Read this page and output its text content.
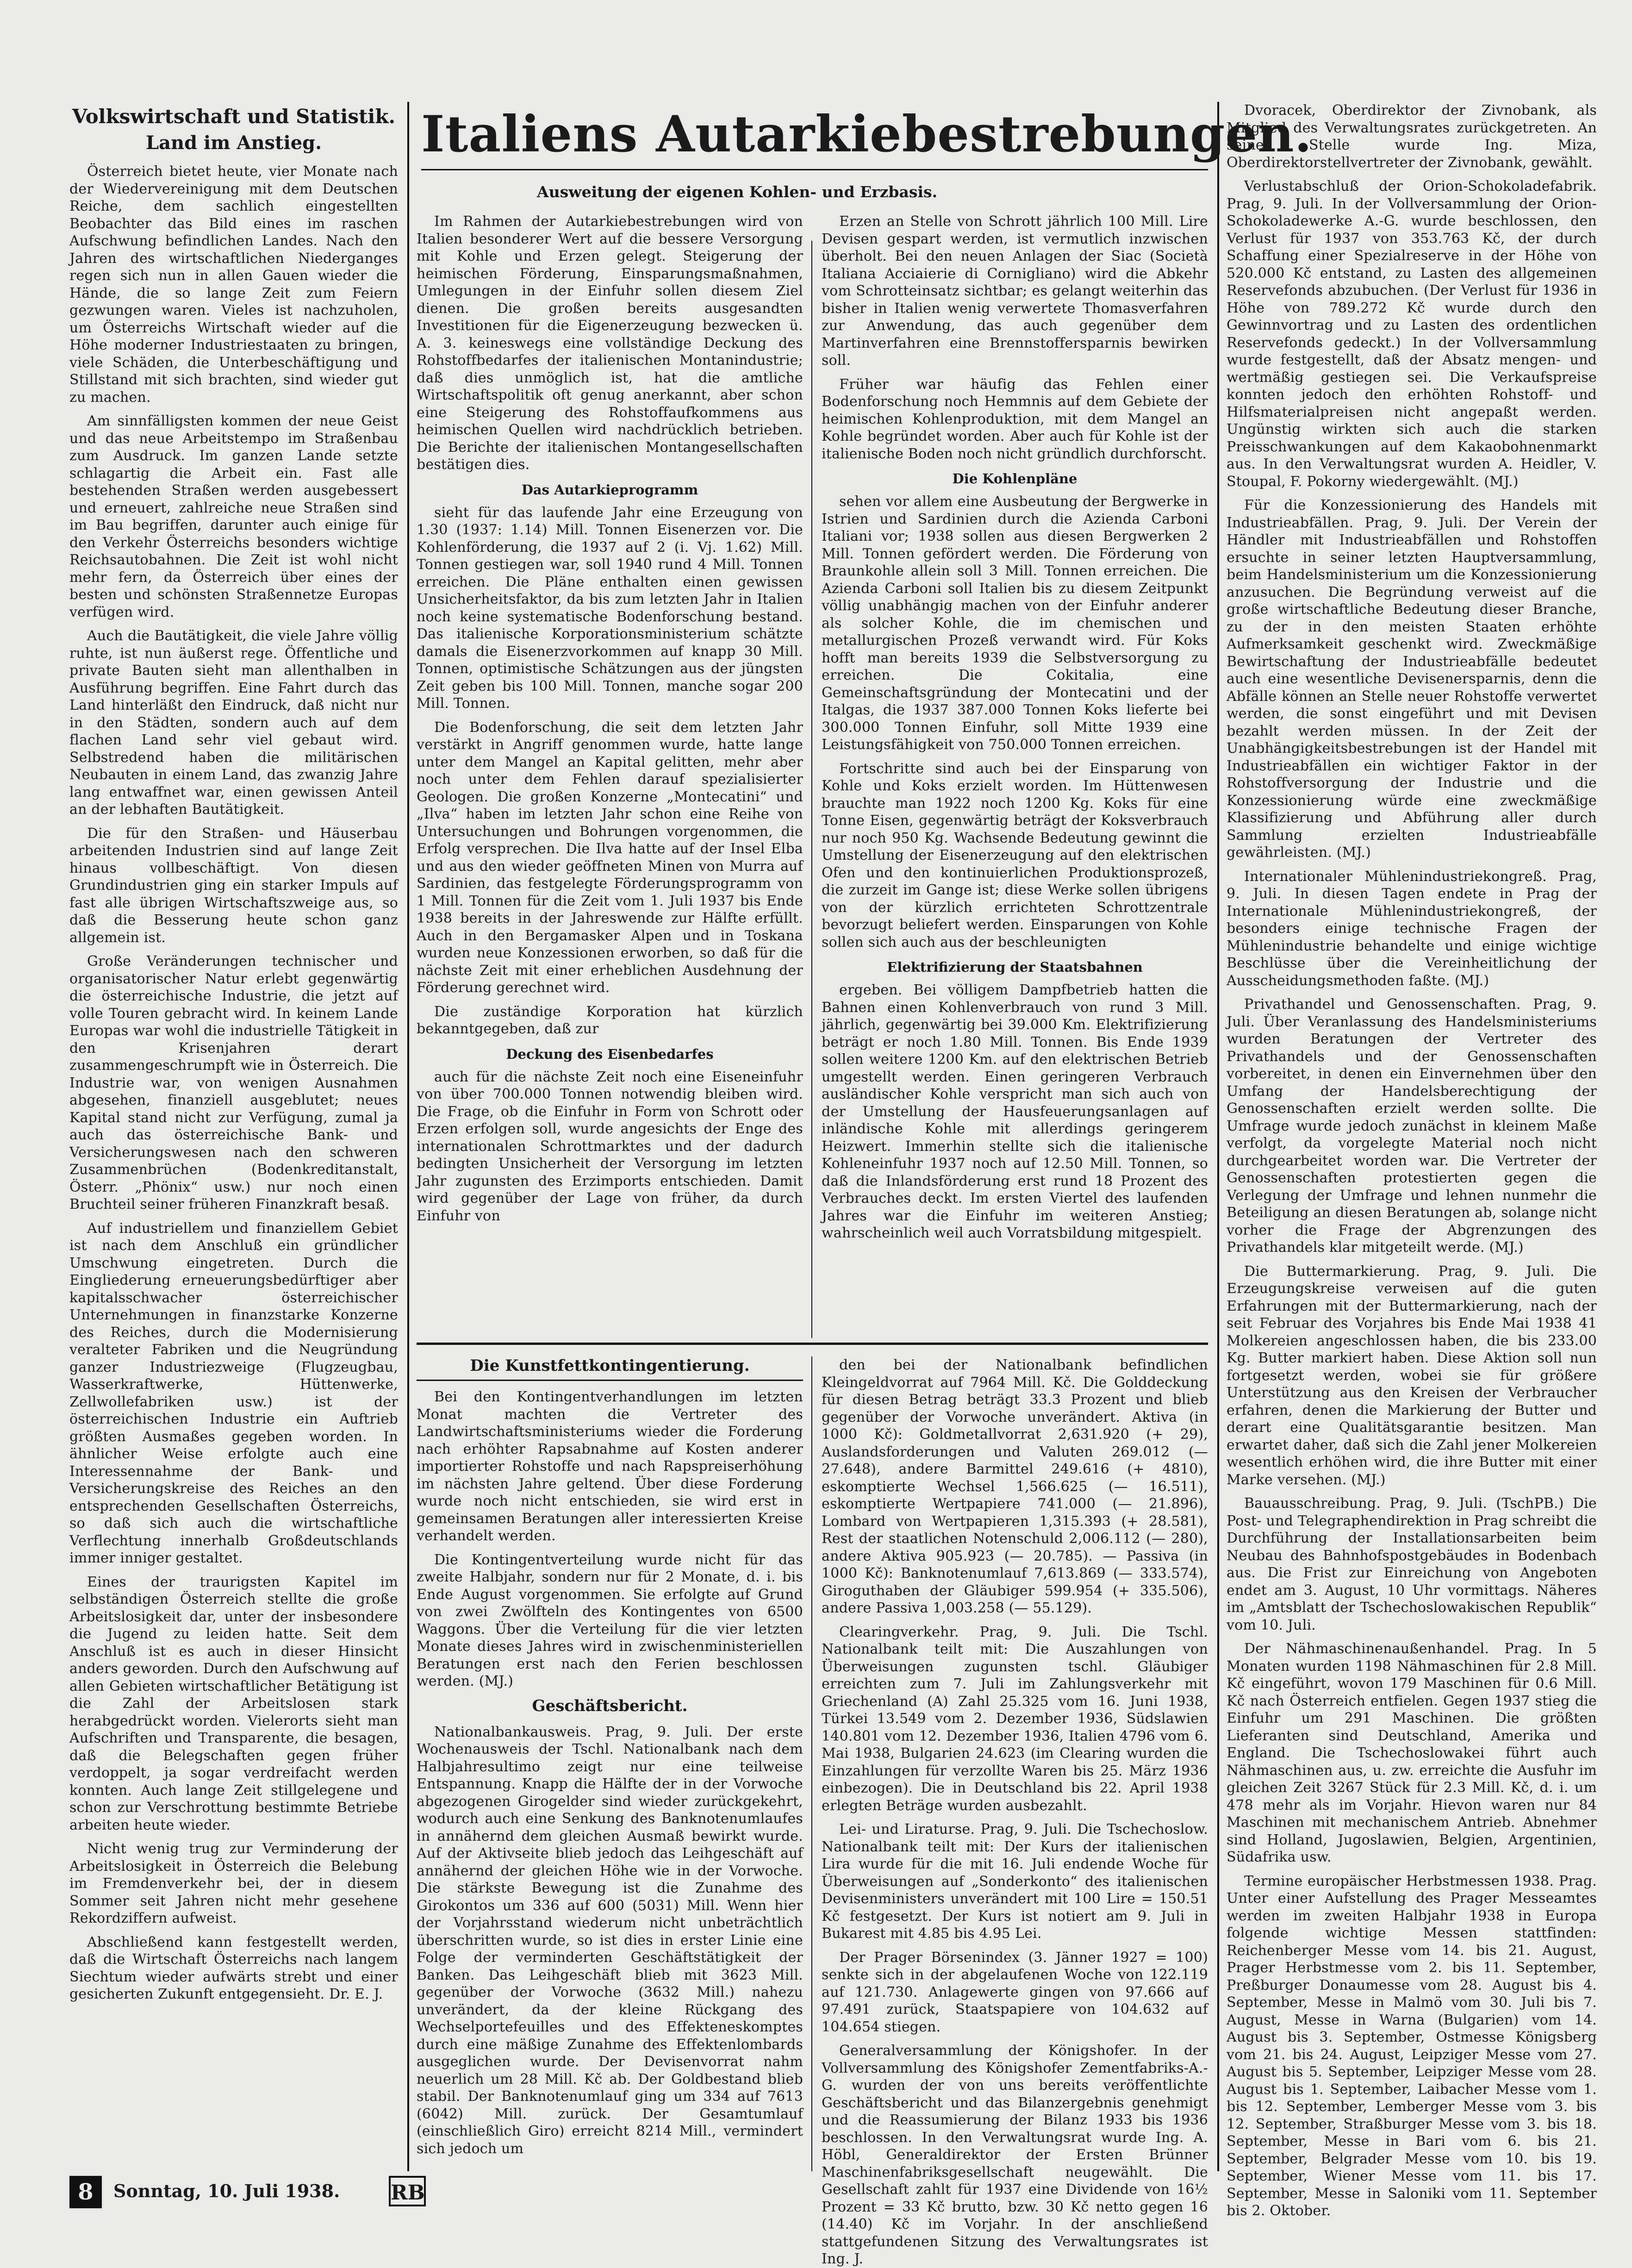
Volkswirtschaft und Statistik.
Land im Anstieg.

Österreich bietet heute, vier Monate nach der Wiedervereinigung mit dem Deutschen Reiche, dem sachlich eingestellten Beobachter das Bild eines im raschen Aufschwung befindlichen Landes. Nach den Jahren des wirtschaftlichen Niederganges regen sich nun in allen Gauen wieder die Hände, die so lange Zeit zum Feiern gezwungen waren. Vieles ist nachzuholen, um Österreichs Wirtschaft wieder auf die Höhe moderner Industriestaaten zu bringen, viele Schäden, die Unterbeschäftigung und Stillstand mit sich brachten, sind wieder gut zu machen.

Am sinnfälligsten kommen der neue Geist und das neue Arbeitstempo im Straßenbau zum Ausdruck. Im ganzen Lande setzte schlagartig die Arbeit ein. Fast alle bestehenden Straßen werden ausgebessert und erneuert, zahlreiche neue Straßen sind im Bau begriffen, darunter auch einige für den Verkehr Österreichs besonders wichtige Reichsautobahnen. Die Zeit ist wohl nicht mehr fern, da Österreich über eines der besten und schönsten Straßennetze Europas verfügen wird.

Auch die Bautätigkeit, die viele Jahre völlig ruhte, ist nun äußerst rege. Öffentliche und private Bauten sieht man allenthalben in Ausführung begriffen. Eine Fahrt durch das Land hinterläßt den Eindruck, daß nicht nur in den Städten, sondern auch auf dem flachen Land sehr viel gebaut wird. Selbstredend haben die militärischen Neubauten in einem Land, das zwanzig Jahre lang entwaffnet war, einen gewissen Anteil an der lebhaften Bautätigkeit.

Die für den Straßen- und Häuserbau arbeitenden Industrien sind auf lange Zeit hinaus vollbeschäftigt. Von diesen Grundindustrien ging ein starker Impuls auf fast alle übrigen Wirtschaftszweige aus, so daß die Besserung heute schon ganz allgemein ist.

Große Veränderungen technischer und organisatorischer Natur erlebt gegenwärtig die österreichische Industrie, die jetzt auf volle Touren gebracht wird. In keinem Lande Europas war wohl die industrielle Tätigkeit in den Krisenjahren derart zusammengeschrumpft wie in Österreich. Die Industrie war, von wenigen Ausnahmen abgesehen, finanziell ausgeblutet; neues Kapital stand nicht zur Verfügung, zumal ja auch das österreichische Bank- und Versicherungswesen nach den schweren Zusammenbrüchen (Bodenkreditanstalt, Österr. „Phönix“ usw.) nur noch einen Bruchteil seiner früheren Finanzkraft besaß.

Auf industriellem und finanziellem Gebiet ist nach dem Anschluß ein gründlicher Umschwung eingetreten. Durch die Eingliederung erneuerungsbedürftiger aber kapitalsschwacher österreichischer Unternehmungen in finanzstarke Konzerne des Reiches, durch die Modernisierung veralteter Fabriken und die Neugründung ganzer Industriezweige (Flugzeugbau, Wasserkraftwerke, Hüttenwerke, Zellwollefabriken usw.) ist der österreichischen Industrie ein Auftrieb größten Ausmaßes gegeben worden. In ähnlicher Weise erfolgte auch eine Interessennahme der Bank- und Versicherungskreise des Reiches an den entsprechenden Gesellschaften Österreichs, so daß sich auch die wirtschaftliche Verflechtung innerhalb Großdeutschlands immer inniger gestaltet.

Eines der traurigsten Kapitel im selbständigen Österreich stellte die große Arbeitslosigkeit dar, unter der insbesondere die Jugend zu leiden hatte. Seit dem Anschluß ist es auch in dieser Hinsicht anders geworden. Durch den Aufschwung auf allen Gebieten wirtschaftlicher Betätigung ist die Zahl der Arbeitslosen stark herabgedrückt worden. Vielerorts sieht man Aufschriften und Transparente, die besagen, daß die Belegschaften gegen früher verdoppelt, ja sogar verdreifacht werden konnten. Auch lange Zeit stillgelegene und schon zur Verschrottung bestimmte Betriebe arbeiten heute wieder.

Nicht wenig trug zur Verminderung der Arbeitslosigkeit in Österreich die Belebung im Fremdenverkehr bei, der in diesem Sommer seit Jahren nicht mehr gesehene Rekordziffern aufweist.

Abschließend kann festgestellt werden, daß die Wirtschaft Österreichs nach langem Siechtum wieder aufwärts strebt und einer gesicherten Zukunft entgegensieht. Dr. E. J.

Italiens Autarkiebestrebungen.
Ausweitung der eigenen Kohlen- und Erzbasis.

Im Rahmen der Autarkiebestrebungen wird von Italien besonderer Wert auf die bessere Versorgung mit Kohle und Erzen gelegt. Steigerung der heimischen Förderung, Einsparungsmaßnahmen, Umlegungen in der Einfuhr sollen diesem Ziel dienen. Die großen bereits ausgesandten Investitionen für die Eigenerzeugung bezwecken ü. A. 3. keineswegs eine vollständige Deckung des Rohstoffbedarfes der italienischen Montanindustrie; daß dies unmöglich ist, hat die amtliche Wirtschaftspolitik oft genug anerkannt, aber schon eine Steigerung des Rohstoffaufkommens aus heimischen Quellen wird nachdrücklich betrieben. Die Berichte der italienischen Montangesellschaften bestätigen dies.

Das Autarkieprogramm

sieht für das laufende Jahr eine Erzeugung von 1.30 (1937: 1.14) Mill. Tonnen Eisenerzen vor. Die Kohlenförderung, die 1937 auf 2 (i. Vj. 1.62) Mill. Tonnen gestiegen war, soll 1940 rund 4 Mill. Tonnen erreichen. Die Pläne enthalten einen gewissen Unsicherheitsfaktor, da bis zum letzten Jahr in Italien noch keine systematische Bodenforschung bestand. Das italienische Korporationsministerium schätzte damals die Eisenerzvorkommen auf knapp 30 Mill. Tonnen, optimistische Schätzungen aus der jüngsten Zeit geben bis 100 Mill. Tonnen, manche sogar 200 Mill. Tonnen.

Die Bodenforschung, die seit dem letzten Jahr verstärkt in Angriff genommen wurde, hatte lange unter dem Mangel an Kapital gelitten, mehr aber noch unter dem Fehlen darauf spezialisierter Geologen. Die großen Konzerne „Montecatini“ und „Ilva“ haben im letzten Jahr schon eine Reihe von Untersuchungen und Bohrungen vorgenommen, die Erfolg versprechen. Die Ilva hatte auf der Insel Elba und aus den wieder geöffneten Minen von Murra auf Sardinien, das festgelegte Förderungsprogramm von 1 Mill. Tonnen für die Zeit vom 1. Juli 1937 bis Ende 1938 bereits in der Jahreswende zur Hälfte erfüllt. Auch in den Bergamasker Alpen und in Toskana wurden neue Konzessionen erworben, so daß für die nächste Zeit mit einer erheblichen Ausdehnung der Förderung gerechnet wird.

Die zuständige Korporation hat kürzlich bekanntgegeben, daß zur

Deckung des Eisenbedarfes

auch für die nächste Zeit noch eine Eiseneinfuhr von über 700.000 Tonnen notwendig bleiben wird. Die Frage, ob die Einfuhr in Form von Schrott oder Erzen erfolgen soll, wurde angesichts der Enge des internationalen Schrottmarktes und der dadurch bedingten Unsicherheit der Versorgung im letzten Jahr zugunsten des Erzimports entschieden. Damit wird gegenüber der Lage von früher, da durch Einfuhr von

Erzen an Stelle von Schrott jährlich 100 Mill. Lire Devisen gespart werden, ist vermutlich inzwischen überholt. Bei den neuen Anlagen der Siac (Società Italiana Acciaierie di Cornigliano) wird die Abkehr vom Schrotteinsatz sichtbar; es gelangt weiterhin das bisher in Italien wenig verwertete Thomasverfahren zur Anwendung, das auch gegenüber dem Martinverfahren eine Brennstoffersparnis bewirken soll.

Früher war häufig das Fehlen einer Bodenforschung noch Hemmnis auf dem Gebiete der heimischen Kohlenproduktion, mit dem Mangel an Kohle begründet worden. Aber auch für Kohle ist der italienische Boden noch nicht gründlich durchforscht.

Die Kohlenpläne

sehen vor allem eine Ausbeutung der Bergwerke in Istrien und Sardinien durch die Azienda Carboni Italiani vor; 1938 sollen aus diesen Bergwerken 2 Mill. Tonnen gefördert werden. Die Förderung von Braunkohle allein soll 3 Mill. Tonnen erreichen. Die Azienda Carboni soll Italien bis zu diesem Zeitpunkt völlig unabhängig machen von der Einfuhr anderer als solcher Kohle, die im chemischen und metallurgischen Prozeß verwandt wird. Für Koks hofft man bereits 1939 die Selbstversorgung zu erreichen. Die Cokitalia, eine Gemeinschaftsgründung der Montecatini und der Italgas, die 1937 387.000 Tonnen Koks lieferte bei 300.000 Tonnen Einfuhr, soll Mitte 1939 eine Leistungsfähigkeit von 750.000 Tonnen erreichen.

Fortschritte sind auch bei der Einsparung von Kohle und Koks erzielt worden. Im Hüttenwesen brauchte man 1922 noch 1200 Kg. Koks für eine Tonne Eisen, gegenwärtig beträgt der Koksverbrauch nur noch 950 Kg. Wachsende Bedeutung gewinnt die Umstellung der Eisenerzeugung auf den elektrischen Ofen und den kontinuierlichen Produktionsprozeß, die zurzeit im Gange ist; diese Werke sollen übrigens von der kürzlich errichteten Schrottzentrale bevorzugt beliefert werden. Einsparungen von Kohle sollen sich auch aus der beschleunigten

Elektrifizierung der Staatsbahnen

ergeben. Bei völligem Dampfbetrieb hatten die Bahnen einen Kohlenverbrauch von rund 3 Mill. jährlich, gegenwärtig bei 39.000 Km. Elektrifizierung beträgt er noch 1.80 Mill. Tonnen. Bis Ende 1939 sollen weitere 1200 Km. auf den elektrischen Betrieb umgestellt werden. Einen geringeren Verbrauch ausländischer Kohle verspricht man sich auch von der Umstellung der Hausfeuerungsanlagen auf inländische Kohle mit allerdings geringerem Heizwert. Immerhin stellte sich die italienische Kohleneinfuhr 1937 noch auf 12.50 Mill. Tonnen, so daß die Inlandsförderung erst rund 18 Prozent des Verbrauches deckt. Im ersten Viertel des laufenden Jahres war die Einfuhr im weiteren Anstieg; wahrscheinlich weil auch Vorratsbildung mitgespielt.

Die Kunstfettkontingentierung.

Bei den Kontingentverhandlungen im letzten Monat machten die Vertreter des Landwirtschaftsministeriums wieder die Forderung nach erhöhter Rapsabnahme auf Kosten anderer importierter Rohstoffe und nach Rapspreiserhöhung im nächsten Jahre geltend. Über diese Forderung wurde noch nicht entschieden, sie wird erst in gemeinsamen Beratungen aller interessierten Kreise verhandelt werden.

Die Kontingentverteilung wurde nicht für das zweite Halbjahr, sondern nur für 2 Monate, d. i. bis Ende August vorgenommen. Sie erfolgte auf Grund von zwei Zwölfteln des Kontingentes von 6500 Waggons. Über die Verteilung für die vier letzten Monate dieses Jahres wird in zwischenministeriellen Beratungen erst nach den Ferien beschlossen werden. (MJ.)

Geschäftsbericht.

Nationalbankausweis. Prag, 9. Juli. Der erste Wochenausweis der Tschl. Nationalbank nach dem Halbjahresultimo zeigt nur eine teilweise Entspannung. Knapp die Hälfte der in der Vorwoche abgezogenen Girogelder sind wieder zurückgekehrt, wodurch auch eine Senkung des Banknotenumlaufes in annähernd dem gleichen Ausmaß bewirkt wurde. Auf der Aktivseite blieb jedoch das Leihgeschäft auf annähernd der gleichen Höhe wie in der Vorwoche. Die stärkste Bewegung ist die Zunahme des Girokontos um 336 auf 600 (5031) Mill. Wenn hier der Vorjahrsstand wiederum nicht unbeträchtlich überschritten wurde, so ist dies in erster Linie eine Folge der verminderten Geschäftstätigkeit der Banken. Das Leihgeschäft blieb mit 3623 Mill. gegenüber der Vorwoche (3632 Mill.) nahezu unverändert, da der kleine Rückgang des Wechselportefeuilles und des Effekteneskomptes durch eine mäßige Zunahme des Effektenlombards ausgeglichen wurde. Der Devisenvorrat nahm neuerlich um 28 Mill. Kč ab. Der Goldbestand blieb stabil. Der Banknotenumlauf ging um 334 auf 7613 (6042) Mill. zurück. Der Gesamtumlauf (einschließlich Giro) erreicht 8214 Mill., vermindert sich jedoch um

den bei der Nationalbank befindlichen Kleingeldvorrat auf 7964 Mill. Kč. Die Golddeckung für diesen Betrag beträgt 33.3 Prozent und blieb gegenüber der Vorwoche unverändert. Aktiva (in 1000 Kč): Goldmetallvorrat 2,631.920 (+ 29), Auslandsforderungen und Valuten 269.012 (— 27.648), andere Barmittel 249.616 (+ 4810), eskomptierte Wechsel 1,566.625 (— 16.511), eskomptierte Wertpapiere 741.000 (— 21.896), Lombard von Wertpapieren 1,315.393 (+ 28.581), Rest der staatlichen Notenschuld 2,006.112 (— 280), andere Aktiva 905.923 (— 20.785). — Passiva (in 1000 Kč): Banknotenumlauf 7,613.869 (— 333.574), Giroguthaben der Gläubiger 599.954 (+ 335.506), andere Passiva 1,003.258 (— 55.129).

Clearingverkehr. Prag, 9. Juli. Die Tschl. Nationalbank teilt mit: Die Auszahlungen von Überweisungen zugunsten tschl. Gläubiger erreichten zum 7. Juli im Zahlungsverkehr mit Griechenland (A) Zahl 25.325 vom 16. Juni 1938, Türkei 13.549 vom 2. Dezember 1936, Südslawien 140.801 vom 12. Dezember 1936, Italien 4796 vom 6. Mai 1938, Bulgarien 24.623 (im Clearing wurden die Einzahlungen für verzollte Waren bis 25. März 1936 einbezogen). Die in Deutschland bis 22. April 1938 erlegten Beträge wurden ausbezahlt.

Lei- und Liraturse. Prag, 9. Juli. Die Tschechoslow. Nationalbank teilt mit: Der Kurs der italienischen Lira wurde für die mit 16. Juli endende Woche für Überweisungen auf „Sonderkonto“ des italienischen Devisenministers unverändert mit 100 Lire = 150.51 Kč festgesetzt. Der Kurs ist notiert am 9. Juli in Bukarest mit 4.85 bis 4.95 Lei.

Der Prager Börsenindex (3. Jänner 1927 = 100) senkte sich in der abgelaufenen Woche von 122.119 auf 121.730. Anlagewerte gingen von 97.666 auf 97.491 zurück, Staatspapiere von 104.632 auf 104.654 stiegen.

Generalversammlung der Königshofer. In der Vollversammlung des Königshofer Zementfabriks-A.-G. wurden der von uns bereits veröffentlichte Geschäftsbericht und das Bilanzergebnis genehmigt und die Reassumierung der Bilanz 1933 bis 1936 beschlossen. In den Verwaltungsrat wurde Ing. A. Höbl, Generaldirektor der Ersten Brünner Maschinenfabriksgesellschaft neugewählt. Die Gesellschaft zahlt für 1937 eine Dividende von 16½ Prozent = 33 Kč brutto, bzw. 30 Kč netto gegen 16 (14.40) Kč im Vorjahr. In der anschließend stattgefundenen Sitzung des Verwaltungsrates ist Ing. J.

Dvoracek, Oberdirektor der Zivnobank, als Mitglied des Verwaltungsrates zurückgetreten. An seine Stelle wurde Ing. Miza, Oberdirektorstellvertreter der Zivnobank, gewählt.

Verlustabschluß der Orion-Schokoladefabrik. Prag, 9. Juli. In der Vollversammlung der Orion-Schokoladewerke A.-G. wurde beschlossen, den Verlust für 1937 von 353.763 Kč, der durch Schaffung einer Spezialreserve in der Höhe von 520.000 Kč entstand, zu Lasten des allgemeinen Reservefonds abzubuchen. (Der Verlust für 1936 in Höhe von 789.272 Kč wurde durch den Gewinnvortrag und zu Lasten des ordentlichen Reservefonds gedeckt.) In der Vollversammlung wurde festgestellt, daß der Absatz mengen- und wertmäßig gestiegen sei. Die Verkaufspreise konnten jedoch den erhöhten Rohstoff- und Hilfsmaterialpreisen nicht angepaßt werden. Ungünstig wirkten sich auch die starken Preisschwankungen auf dem Kakaobohnenmarkt aus. In den Verwaltungsrat wurden A. Heidler, V. Stoupal, F. Pokorny wiedergewählt. (MJ.)

Für die Konzessionierung des Handels mit Industrieabfällen. Prag, 9. Juli. Der Verein der Händler mit Industrieabfällen und Rohstoffen ersuchte in seiner letzten Hauptversammlung, beim Handelsministerium um die Konzessionierung anzusuchen. Die Begründung verweist auf die große wirtschaftliche Bedeutung dieser Branche, zu der in den meisten Staaten erhöhte Aufmerksamkeit geschenkt wird. Zweckmäßige Bewirtschaftung der Industrieabfälle bedeutet auch eine wesentliche Devisenersparnis, denn die Abfälle können an Stelle neuer Rohstoffe verwertet werden, die sonst eingeführt und mit Devisen bezahlt werden müssen. In der Zeit der Unabhängigkeitsbestrebungen ist der Handel mit Industrieabfällen ein wichtiger Faktor in der Rohstoffversorgung der Industrie und die Konzessionierung würde eine zweckmäßige Klassifizierung und Abführung aller durch Sammlung erzielten Industrieabfälle gewährleisten. (MJ.)

Internationaler Mühlenindustriekongreß. Prag, 9. Juli. In diesen Tagen endete in Prag der Internationale Mühlenindustriekongreß, der besonders einige technische Fragen der Mühlenindustrie behandelte und einige wichtige Beschlüsse über die Vereinheitlichung der Ausscheidungsmethoden faßte. (MJ.)

Privathandel und Genossenschaften. Prag, 9. Juli. Über Veranlassung des Handelsministeriums wurden Beratungen der Vertreter des Privathandels und der Genossenschaften vorbereitet, in denen ein Einvernehmen über den Umfang der Handelsberechtigung der Genossenschaften erzielt werden sollte. Die Umfrage wurde jedoch zunächst in kleinem Maße verfolgt, da vorgelegte Material noch nicht durchgearbeitet worden war. Die Vertreter der Genossenschaften protestierten gegen die Verlegung der Umfrage und lehnen nunmehr die Beteiligung an diesen Beratungen ab, solange nicht vorher die Frage der Abgrenzungen des Privathandels klar mitgeteilt werde. (MJ.)

Die Buttermarkierung. Prag, 9. Juli. Die Erzeugungskreise verweisen auf die guten Erfahrungen mit der Buttermarkierung, nach der seit Februar des Vorjahres bis Ende Mai 1938 41 Molkereien angeschlossen haben, die bis 233.00 Kg. Butter markiert haben. Diese Aktion soll nun fortgesetzt werden, wobei sie für größere Unterstützung aus den Kreisen der Verbraucher erfahren, denen die Markierung der Butter und derart eine Qualitätsgarantie besitzen. Man erwartet daher, daß sich die Zahl jener Molkereien wesentlich erhöhen wird, die ihre Butter mit einer Marke versehen. (MJ.)

Bauausschreibung. Prag, 9. Juli. (TschPB.) Die Post- und Telegraphendirektion in Prag schreibt die Durchführung der Installationsarbeiten beim Neubau des Bahnhofspostgebäudes in Bodenbach aus. Die Frist zur Einreichung von Angeboten endet am 3. August, 10 Uhr vormittags. Näheres im „Amtsblatt der Tschechoslowakischen Republik“ vom 10. Juli.

Der Nähmaschinenaußenhandel. Prag. In 5 Monaten wurden 1198 Nähmaschinen für 2.8 Mill. Kč eingeführt, wovon 179 Maschinen für 0.6 Mill. Kč nach Österreich entfielen. Gegen 1937 stieg die Einfuhr um 291 Maschinen. Die größten Lieferanten sind Deutschland, Amerika und England. Die Tschechoslowakei führt auch Nähmaschinen aus, u. zw. erreichte die Ausfuhr im gleichen Zeit 3267 Stück für 2.3 Mill. Kč, d. i. um 478 mehr als im Vorjahr. Hievon waren nur 84 Maschinen mit mechanischem Antrieb. Abnehmer sind Holland, Jugoslawien, Belgien, Argentinien, Südafrika usw.

Termine europäischer Herbstmessen 1938. Prag. Unter einer Aufstellung des Prager Messeamtes werden im zweiten Halbjahr 1938 in Europa folgende wichtige Messen stattfinden: Reichenberger Messe vom 14. bis 21. August, Prager Herbstmesse vom 2. bis 11. September, Preßburger Donaumesse vom 28. August bis 4. September, Messe in Malmö vom 30. Juli bis 7. August, Messe in Warna (Bulgarien) vom 14. August bis 3. September, Ostmesse Königsberg vom 21. bis 24. August, Leipziger Messe vom 27. August bis 5. September, Leipziger Messe vom 28. August bis 1. September, Laibacher Messe vom 1. bis 12. September, Lemberger Messe vom 3. bis 12. September, Straßburger Messe vom 3. bis 18. September, Messe in Bari vom 6. bis 21. September, Belgrader Messe vom 10. bis 19. September, Wiener Messe vom 11. bis 17. September, Messe in Saloniki vom 11. September bis 2. Oktober.

8	Sonntag, 10. Juli 1938. RB
